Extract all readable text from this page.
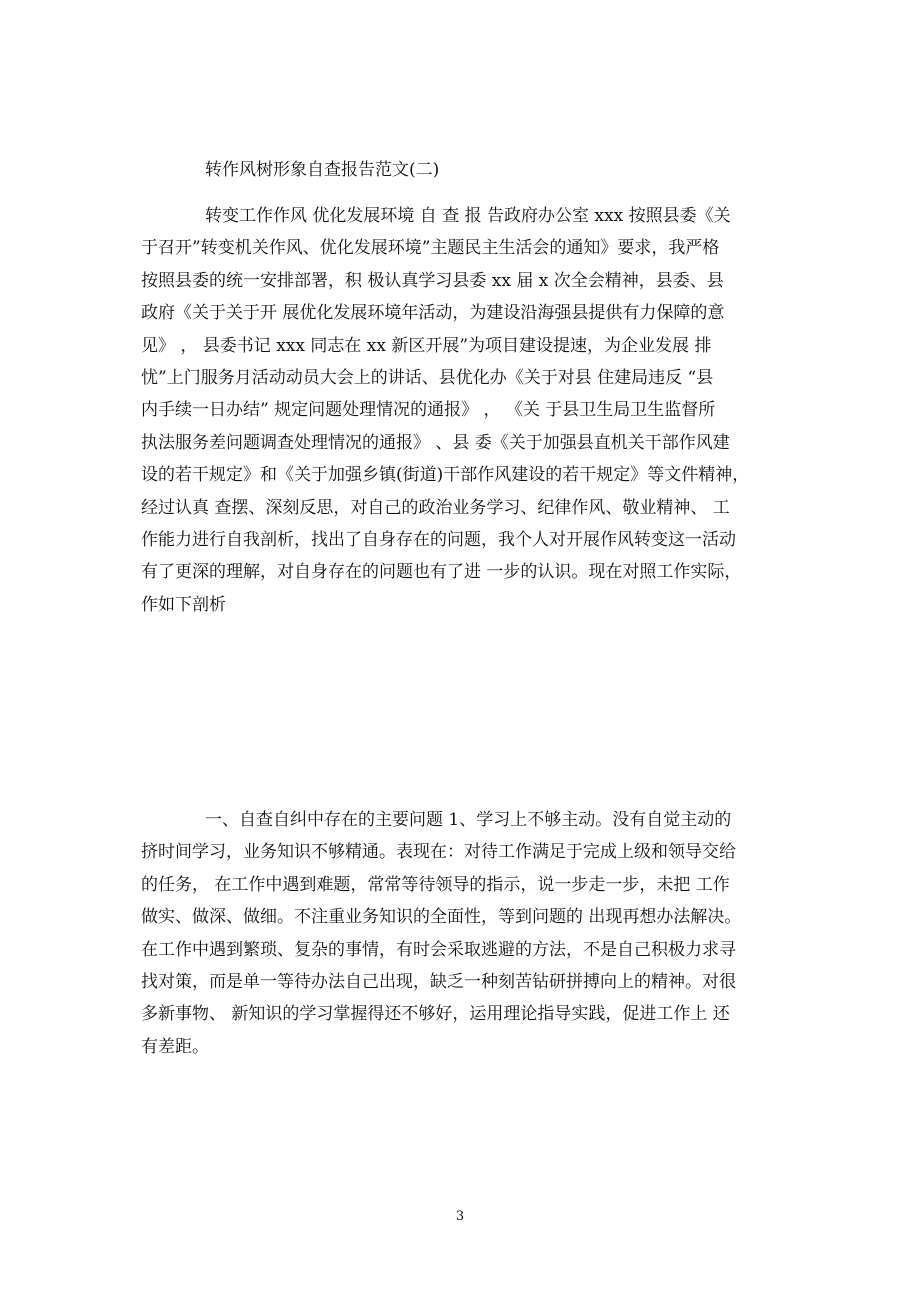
转作风树形象自查报告范文(二)
转变工作作风 优化发展环境 自 查 报 告政府办公室 xxx 按照县委《关
于召开”转变机关作风、优化发展环境”主题民主生活会的通知》要求，我严格
按照县委的统一安排部署，积 极认真学习县委 xx 届 x 次全会精神，县委、县
政府《关于关于开 展优化发展环境年活动，为建设沿海强县提供有力保障的意
见》 ， 县委书记 xxx 同志在 xx 新区开展”为项目建设提速，为企业发展 排
忧”上门服务月活动动员大会上的讲话、县优化办《关于对县 住建局违反 “县
内手续一日办结” 规定问题处理情况的通报》 ， 《关 于县卫生局卫生监督所
执法服务差问题调查处理情况的通报》 、县 委《关于加强县直机关干部作风建
设的若干规定》和《关于加强乡镇(街道)干部作风建设的若干规定》等文件精神，
经过认真 查摆、深刻反思，对自己的政治业务学习、纪律作风、敬业精神、 工
作能力进行自我剖析，找出了自身存在的问题，我个人对开展作风转变这一活动
有了更深的理解，对自身存在的问题也有了进 一步的认识。现在对照工作实际，
作如下剖析
一、自查自纠中存在的主要问题 1、学习上不够主动。没有自觉主动的
挤时间学习，业务知识不够精通。表现在：对待工作满足于完成上级和领导交给
的任务， 在工作中遇到难题，常常等待领导的指示，说一步走一步，未把 工作
做实、做深、做细。不注重业务知识的全面性，等到问题的 出现再想办法解决。
在工作中遇到繁琐、复杂的事情，有时会采取逃避的方法，不是自己积极力求寻
找对策，而是单一等待办法自己出现，缺乏一种刻苦钻研拼搏向上的精神。对很
多新事物、 新知识的学习掌握得还不够好，运用理论指导实践，促进工作上 还
有差距。
3
